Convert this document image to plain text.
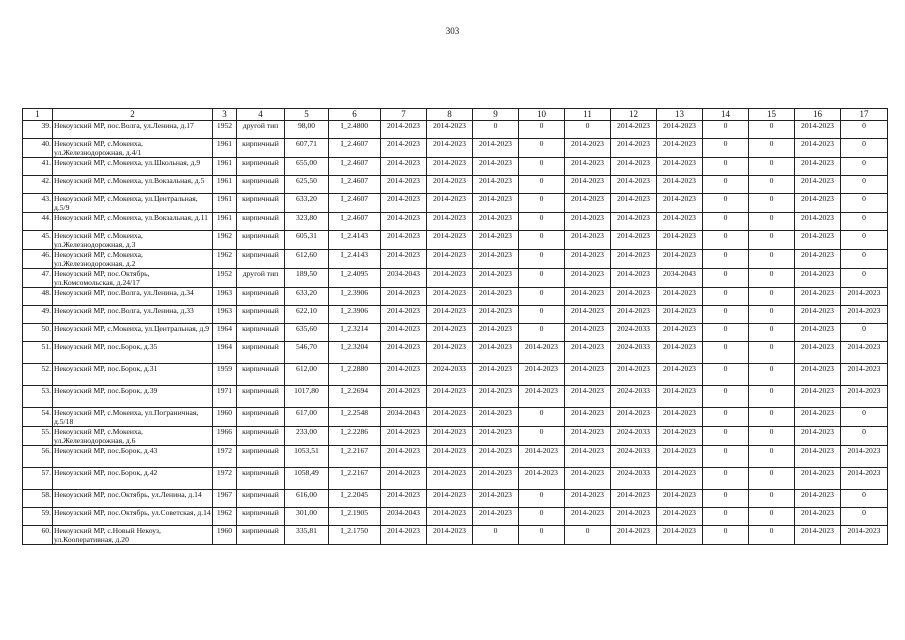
303
1	2	3	4	5	6	7	8	9	10	11	12	13	14	15	16	17
39.	Некоузский МР, пос.Волга, ул.Ленина, д.17	1952	другой тип	98,00	I_2.4800	2014-2023	2014-2023	0	0	0	2014-2023	2014-2023	0	0	2014-2023	0
40.	Некоузский МР, с.Мокеиха, ул.Железнодорожная, д.4/1	1961	кирпичный	607,71	I_2.4607	2014-2023	2014-2023	2014-2023	0	2014-2023	2014-2023	2014-2023	0	0	2014-2023	0
41.	Некоузский МР, с.Мокеиха, ул.Школьная, д.9	1961	кирпичный	655,00	I_2.4607	2014-2023	2014-2023	2014-2023	0	2014-2023	2014-2023	2014-2023	0	0	2014-2023	0
42.	Некоузский МР, с.Мокеиха, ул.Вокзальная, д.5	1961	кирпичный	625,50	I_2.4607	2014-2023	2014-2023	2014-2023	0	2014-2023	2014-2023	2014-2023	0	0	2014-2023	0
43.	Некоузский МР, с.Мокеиха, ул.Центральная, д.5/9	1961	кирпичный	633,20	I_2.4607	2014-2023	2014-2023	2014-2023	0	2014-2023	2014-2023	2014-2023	0	0	2014-2023	0
44.	Некоузский МР, с.Мокеиха, ул.Вокзальная, д.11	1961	кирпичный	323,80	I_2.4607	2014-2023	2014-2023	2014-2023	0	2014-2023	2014-2023	2014-2023	0	0	2014-2023	0
45.	Некоузский МР, с.Мокеиха, ул.Железнодорожная, д.3	1962	кирпичный	605,31	I_2.4143	2014-2023	2014-2023	2014-2023	0	2014-2023	2014-2023	2014-2023	0	0	2014-2023	0
46.	Некоузский МР, с.Мокеиха, ул.Железнодорожная, д.2	1962	кирпичный	612,60	I_2.4143	2014-2023	2014-2023	2014-2023	0	2014-2023	2014-2023	2014-2023	0	0	2014-2023	0
47.	Некоузский МР, пос.Октябрь, ул.Комсомольская, д.24/17	1952	другой тип	189,50	I_2.4095	2034-2043	2014-2023	2014-2023	0	2014-2023	2014-2023	2034-2043	0	0	2014-2023	0
48.	Некоузский МР, пос.Волга, ул.Ленина, д.34	1963	кирпичный	633,20	I_2.3906	2014-2023	2014-2023	2014-2023	0	2014-2023	2014-2023	2014-2023	0	0	2014-2023	2014-2023
49.	Некоузский МР, пос.Волга, ул.Ленина, д.33	1963	кирпичный	622,10	I_2.3906	2014-2023	2014-2023	2014-2023	0	2014-2023	2014-2023	2014-2023	0	0	2014-2023	2014-2023
50.	Некоузский МР, с.Мокеиха, ул.Центральная, д.9	1964	кирпичный	635,60	I_2.3214	2014-2023	2014-2023	2014-2023	0	2014-2023	2024-2033	2014-2023	0	0	2014-2023	0
51.	Некоузский МР, пос.Борок, д.35	1964	кирпичный	546,70	I_2.3204	2014-2023	2014-2023	2014-2023	2014-2023	2014-2023	2024-2033	2014-2023	0	0	2014-2023	2014-2023
52.	Некоузский МР, пос.Борок, д.31	1959	кирпичный	612,00	I_2.2880	2014-2023	2024-2033	2014-2023	2014-2023	2014-2023	2014-2023	2014-2023	0	0	2014-2023	2014-2023
53.	Некоузский МР, пос.Борок, д.39	1971	кирпичный	1017,80	I_2.2694	2014-2023	2014-2023	2014-2023	2014-2023	2014-2023	2024-2033	2014-2023	0	0	2014-2023	2014-2023
54.	Некоузский МР, с.Мокеиха, ул.Пограничная, д.5/18	1960	кирпичный	617,00	I_2.2548	2034-2043	2014-2023	2014-2023	0	2014-2023	2014-2023	2014-2023	0	0	2014-2023	0
55.	Некоузский МР, с.Мокеиха, ул.Железнодорожная, д.6	1966	кирпичный	233,00	I_2.2286	2014-2023	2014-2023	2014-2023	0	2014-2023	2024-2033	2014-2023	0	0	2014-2023	0
56.	Некоузский МР, пос.Борок, д.43	1972	кирпичный	1053,51	I_2.2167	2014-2023	2014-2023	2014-2023	2014-2023	2014-2023	2024-2033	2014-2023	0	0	2014-2023	2014-2023
57.	Некоузский МР, пос.Борок, д.42	1972	кирпичный	1058,49	I_2.2167	2014-2023	2014-2023	2014-2023	2014-2023	2014-2023	2024-2033	2014-2023	0	0	2014-2023	2014-2023
58.	Некоузский МР, пос.Октябрь, ул.Ленина, д.14	1967	кирпичный	616,00	I_2.2045	2014-2023	2014-2023	2014-2023	0	2014-2023	2014-2023	2014-2023	0	0	2014-2023	0
59.	Некоузский МР, пос.Октябрь, ул.Советская, д.14	1962	кирпичный	301,00	I_2.1905	2034-2043	2014-2023	2014-2023	0	2014-2023	2014-2023	2014-2023	0	0	2014-2023	0
60.	Некоузский МР, с.Новый Некоуз, ул.Кооперативная, д.20	1960	кирпичный	335,81	I_2.1750	2014-2023	2014-2023	0	0	0	2014-2023	2014-2023	0	0	2014-2023	2014-2023
